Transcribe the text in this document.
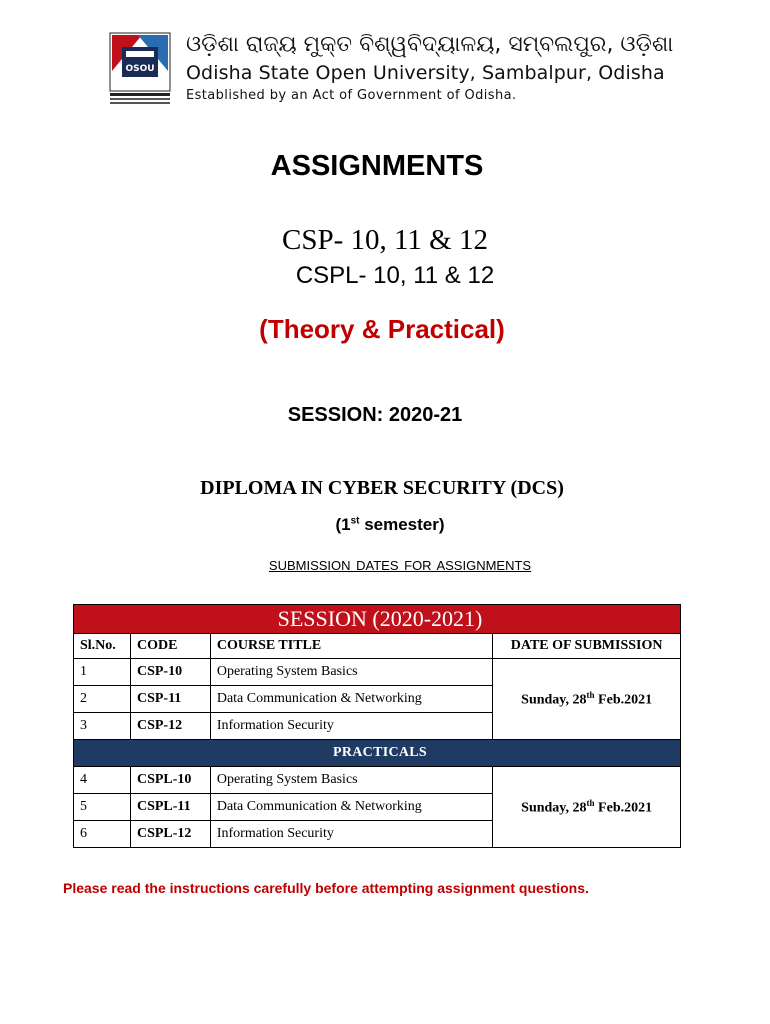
OSOU
ଓଡ଼ିଶା ରାଜ୍ୟ ମୁକ୍ତ ବିଶ୍ୱବିଦ୍ୟାଳୟ, ସମ୍ବଲପୁର, ଓଡ଼ିଶା
Odisha State Open University, Sambalpur, Odisha
Established by an Act of Government of Odisha.
ASSIGNMENTS
CSP- 10, 11 & 12
CSPL- 10, 11 & 12
(Theory & Practical)
SESSION: 2020-21
DIPLOMA IN CYBER SECURITY (DCS)
(1st semester)
SUBMISSION DATES FOR ASSIGNMENTS
SESSION (2020-2021)			
Sl.No.	CODE	COURSE TITLE	DATE OF SUBMISSION
1	CSP-10	Operating System Basics	Sunday, 28th Feb.2021
2	CSP-11	Data Communication & Networking	
3	CSP-12	Information Security	
PRACTICALS			
4	CSPL-10	Operating System Basics	Sunday, 28th Feb.2021
5	CSPL-11	Data Communication & Networking	
6	CSPL-12	Information Security	
Please read the instructions carefully before attempting assignment questions.
